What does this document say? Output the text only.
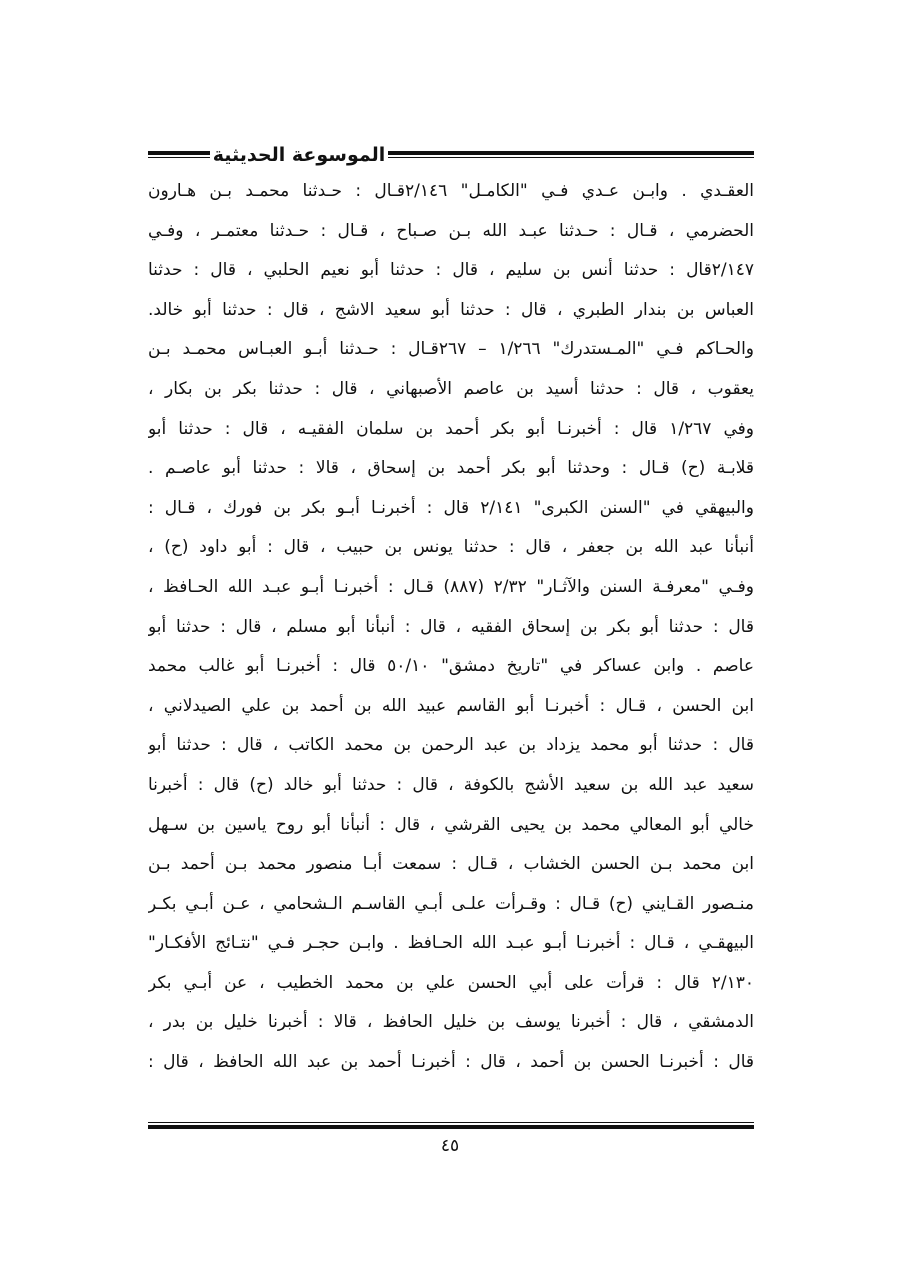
الموسوعة الحديثية
العقـدي . وابـن عـدي فـي "الكامـل" ٢/١٤٦قـال : حـدثنا محمـد بـن هـارون
الحضرمي ، قـال : حـدثنا عبـد الله بـن صـباح ، قـال : حـدثنا معتمـر ، وفـي
٢/١٤٧قال : حدثنا أنس بن سليم ، قال : حدثنا أبو نعيم الحلبي ، قال : حدثنا
العباس بن بندار الطبري ، قال : حدثنا أبو سعيد الاشج ، قال : حدثنا أبو خالد.
والحـاكم فـي "المـستدرك" ١/٢٦٦ – ٢٦٧قـال : حـدثنا أبـو العبـاس محمـد بـن
يعقوب ، قال : حدثنا أسيد بن عاصم الأصبهاني ، قال : حدثنا بكر بن بكار ،
وفي ١/٢٦٧ قال : أخبرنـا أبو بكر أحمد بن سلمان الفقيـه ، قال : حدثنا أبو
قلابـة (ح) قـال : وحدثنا أبو بكر أحمد بن إسحاق ، قالا : حدثنا أبو عاصـم .
والبيهقي في "السنن الكبرى" ٢/١٤١ قال : أخبرنـا أبـو بكر بن فورك ، قـال :
أنبأنا عبد الله بن جعفر ، قال : حدثنا يونس بن حبيب ، قال : أبو داود (ح) ،
وفـي "معرفـة السنن والآثـار" ٢/٣٢ (٨٨٧) قـال : أخبرنـا أبـو عبـد الله الحـافظ ،
قال : حدثنا أبو بكر بن إسحاق الفقيه ، قال : أنبأنا أبو مسلم ، قال : حدثنا أبو
عاصم . وابن عساكر في "تاريخ دمشق" ٥٠/١٠ قال : أخبرنـا أبو غالب محمد
ابن الحسن ، قـال : أخبرنـا أبو القاسم عبيد الله بن أحمد بن علي الصيدلاني ،
قال : حدثنا أبو محمد يزداد بن عبد الرحمن بن محمد الكاتب ، قال : حدثنا أبو
سعيد عبد الله بن سعيد الأشج بالكوفة ، قال : حدثنا أبو خالد (ح) قال : أخبرنا
خالي أبو المعالي محمد بن يحيى القرشي ، قال : أنبأنا أبو روح ياسين بن سـهل
ابن محمد بـن الحسن الخشاب ، قـال : سمعت أبـا منصور محمد بـن أحمد بـن
منـصور القـايني (ح) قـال : وقـرأت علـى أبـي القاسـم الـشحامي ، عـن أبـي بكـر
البيهقـي ، قـال : أخبرنـا أبـو عبـد الله الحـافظ . وابـن حجـر فـي "نتـائج الأفكـار"
٢/١٣٠ قال : قرأت على أبي الحسن علي بن محمد الخطيب ، عن أبـي بكر
الدمشقي ، قال : أخبرنا يوسف بن خليل الحافظ ، قالا : أخبرنا خليل بن بدر ،
قال : أخبرنـا الحسن بن أحمد ، قال : أخبرنـا أحمد بن عبد الله الحافظ ، قال :
٤٥
